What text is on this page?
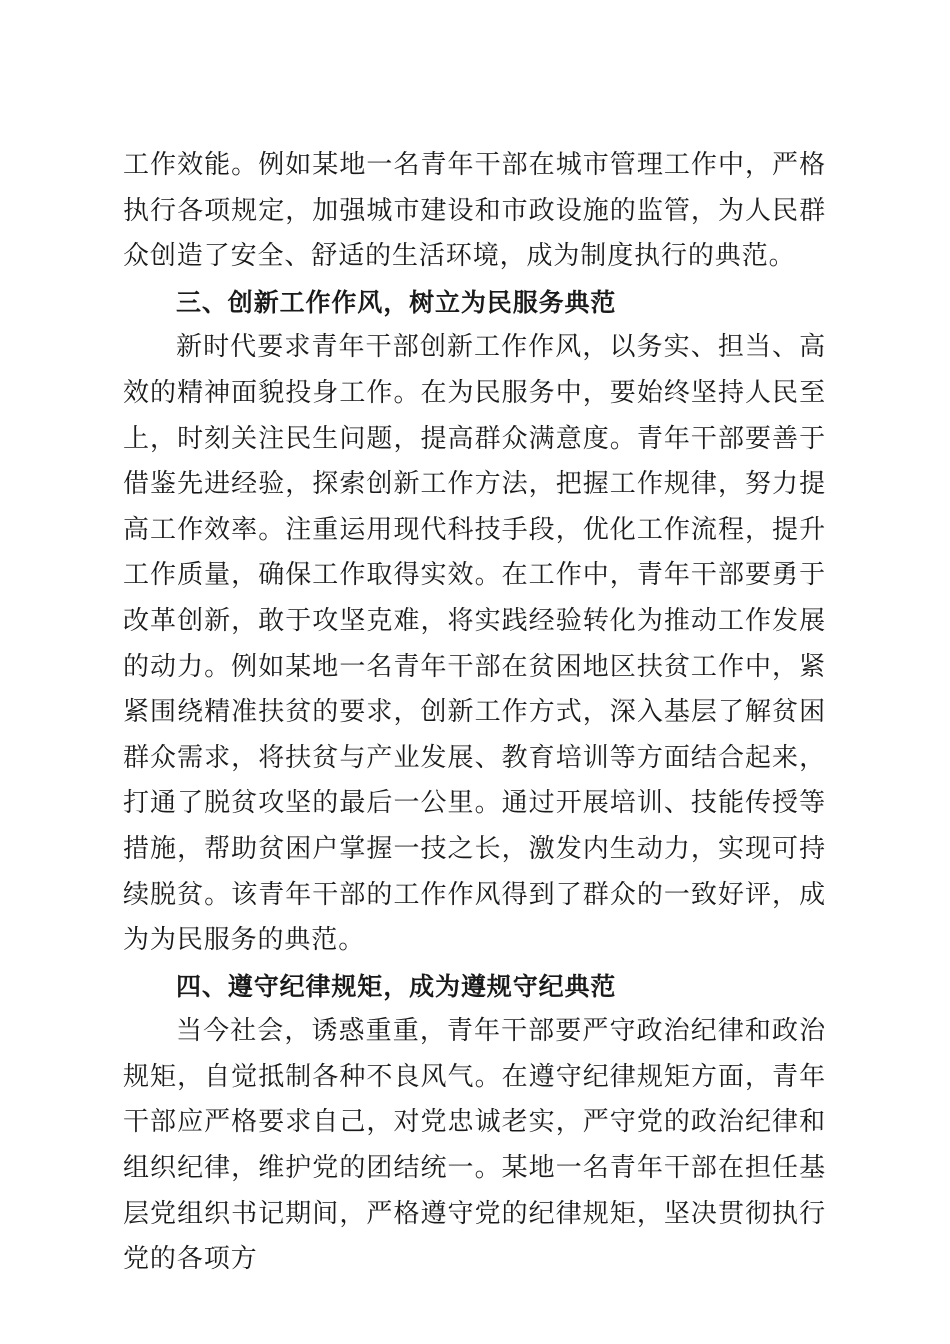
工作效能。例如某地一名青年干部在城市管理工作中，严格执行各项规定，加强城市建设和市政设施的监管，为人民群众创造了安全、舒适的生活环境，成为制度执行的典范。

三、创新工作作风，树立为民服务典范

新时代要求青年干部创新工作作风，以务实、担当、高效的精神面貌投身工作。在为民服务中，要始终坚持人民至上，时刻关注民生问题，提高群众满意度。青年干部要善于借鉴先进经验，探索创新工作方法，把握工作规律，努力提高工作效率。注重运用现代科技手段，优化工作流程，提升工作质量，确保工作取得实效。在工作中，青年干部要勇于改革创新，敢于攻坚克难，将实践经验转化为推动工作发展的动力。例如某地一名青年干部在贫困地区扶贫工作中，紧紧围绕精准扶贫的要求，创新工作方式，深入基层了解贫困群众需求，将扶贫与产业发展、教育培训等方面结合起来，打通了脱贫攻坚的最后一公里。通过开展培训、技能传授等措施，帮助贫困户掌握一技之长，激发内生动力，实现可持续脱贫。该青年干部的工作作风得到了群众的一致好评，成为为民服务的典范。

四、遵守纪律规矩，成为遵规守纪典范

当今社会，诱惑重重，青年干部要严守政治纪律和政治规矩，自觉抵制各种不良风气。在遵守纪律规矩方面，青年干部应严格要求自己，对党忠诚老实，严守党的政治纪律和组织纪律，维护党的团结统一。某地一名青年干部在担任基层党组织书记期间，严格遵守党的纪律规矩，坚决贯彻执行党的各项方
